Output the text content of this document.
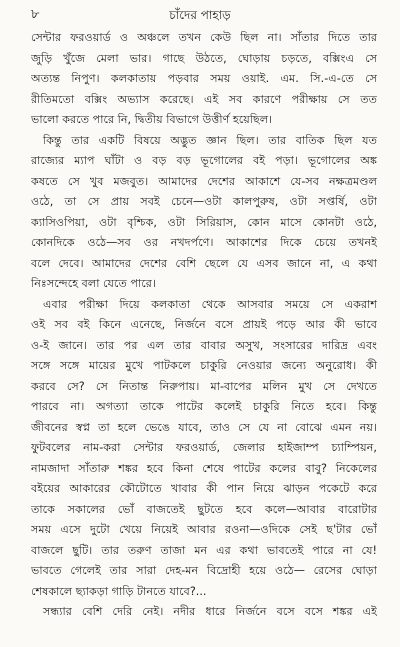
৮	চাঁদের পাহাড়
সেন্টার ফরওয়ার্ড ও অঞ্চলে তখন কেউ ছিল না। সাঁতার দিতে তার
জুড়ি খুঁজে মেলা ভার। গাছে উঠতে, ঘোড়ায় চড়তে, বক্সিংএ সে
অত্যন্ত নিপুণ। কলকাতায় পড়বার সময় ওয়াই. এম. সি.-এ-তে সে
রীতিমতো বক্সিং অভ্যাস করেছে। এই সব কারণে পরীক্ষায় সে তত
ভালো করতে পারে নি, দ্বিতীয় বিভাগে উত্তীর্ণ হয়েছিল।
কিন্তু তার একটি বিষয়ে অদ্ভুত জ্ঞান ছিল। তার বাতিক ছিল যত
রাজ্যের ম্যাপ ঘাঁটা ও বড় বড় ভূগোলের বই পড়া। ভূগোলের অঙ্ক
কষতে সে খুব মজবুত। আমাদের দেশের আকাশে যে-সব নক্ষত্রমণ্ডল
ওঠে, তা সে প্রায় সবই চেনে—ওটা কালপুরুষ, ওটা সপ্তর্ষি, ওটা
ক্যাসিওপিয়া, ওটা বৃশ্চিক, ওটা সিরিয়াস, কোন মাসে কোনটা ওঠে,
কোনদিকে ওঠে—সব ওর নখদর্পণে। আকাশের দিকে চেয়ে তখনই
বলে দেবে। আমাদের দেশের বেশি ছেলে যে এসব জানে না, এ কথা
নিঃসন্দেহে বলা যেতে পারে।
এবার পরীক্ষা দিয়ে কলকাতা থেকে আসবার সময়ে সে একরাশ
ওই সব বই কিনে এনেছে, নির্জনে বসে প্রায়ই পড়ে আর কী ভাবে
ও-ই জানে। তার পর এল তার বাবার অসুখ, সংসারের দারিদ্র এবং
সঙ্গে সঙ্গে মায়ের মুখে পাটকলে চাকুরি নেওয়ার জন্যে অনুরোধ। কী
করবে সে? সে নিতান্ত নিরুপায়। মা-বাপের মলিন মুখ সে দেখতে
পারবে না। অগত্যা তাকে পাটের কলেই চাকুরি নিতে হবে। কিন্তু
জীবনের স্বপ্ন তা হলে ভেঙে যাবে, তাও সে যে না বোঝে এমন নয়।
ফুটবলের নাম-করা সেন্টার ফরওয়ার্ড, জেলার হাইজাম্প চ্যাম্পিয়ন,
নামজাদা সাঁতারু শঙ্কর হবে কিনা শেষে পাটের কলের বাবু? নিকেলের
বইয়ের আকারের কৌটোতে খাবার কী পান নিয়ে ঝাড়ন পকেটে করে
তাকে সকালের ভোঁ বাজতেই ছুটতে হবে কলে—আবার বারোটার
সময় এসে দুটো খেয়ে নিয়েই আবার রওনা—ওদিকে সেই ছ'টার ভোঁ
বাজলে ছুটি। তার তরুণ তাজা মন এর কথা ভাবতেই পারে না যে!
ভাবতে গেলেই তার সারা দেহ-মন বিদ্রোহী হয়ে ওঠে— রেসের ঘোড়া
শেষকালে ছ্যাকড়া গাড়ি টানতে যাবে?...
সন্ধ্যার বেশি দেরি নেই। নদীর ধারে নির্জনে বসে বসে শঙ্কর এই
